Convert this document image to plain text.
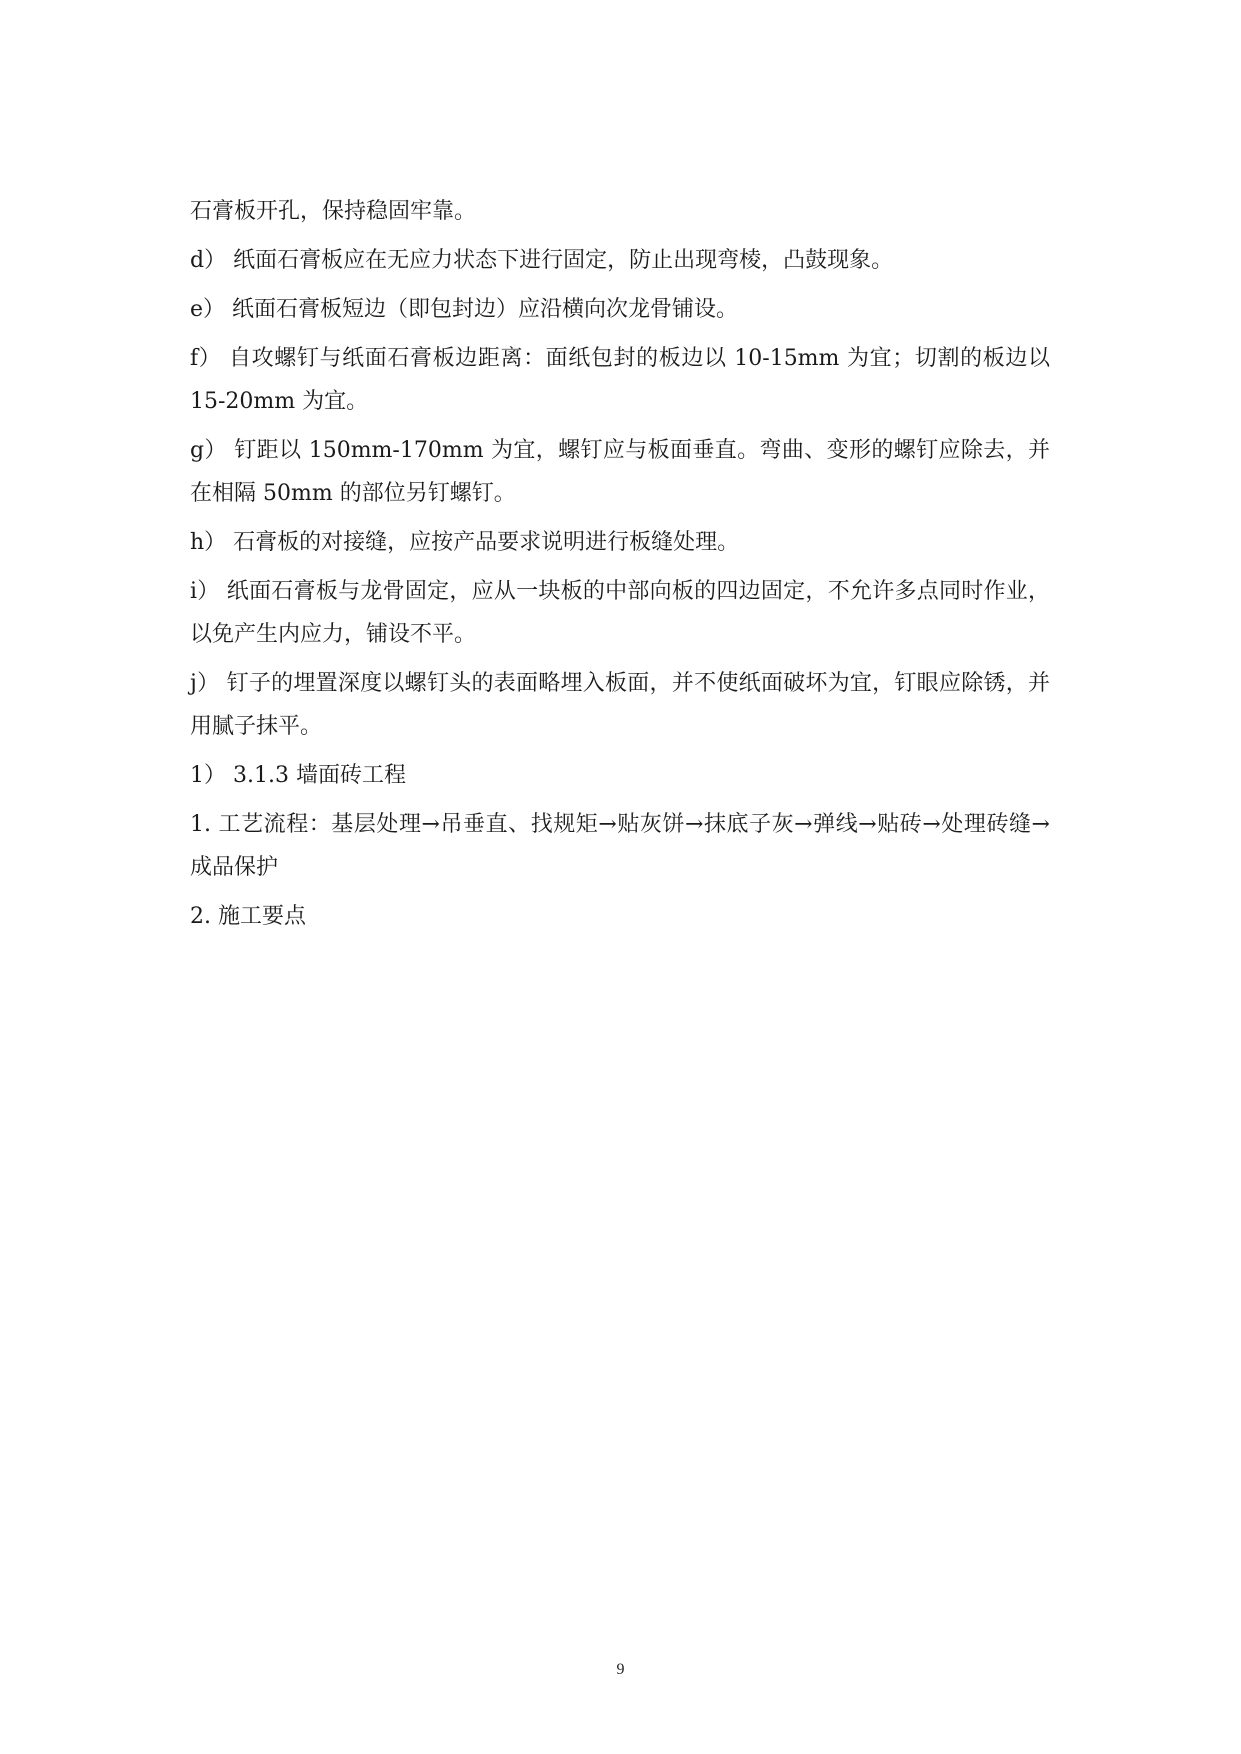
石膏板开孔，保持稳固牢靠。

d） 纸面石膏板应在无应力状态下进行固定，防止出现弯棱，凸鼓现象。

e） 纸面石膏板短边（即包封边）应沿横向次龙骨铺设。

f） 自攻螺钉与纸面石膏板边距离：面纸包封的板边以 10-15mm 为宜；切割的板边以 15-20mm 为宜。

g） 钉距以 150mm-170mm 为宜，螺钉应与板面垂直。弯曲、变形的螺钉应除去，并在相隔 50mm 的部位另钉螺钉。

h） 石膏板的对接缝，应按产品要求说明进行板缝处理。

i） 纸面石膏板与龙骨固定，应从一块板的中部向板的四边固定，不允许多点同时作业，以免产生内应力，铺设不平。

j） 钉子的埋置深度以螺钉头的表面略埋入板面，并不使纸面破坏为宜，钉眼应除锈，并用腻子抹平。

1） 3.1.3 墙面砖工程

1. 工艺流程：基层处理→吊垂直、找规矩→贴灰饼→抹底子灰→弹线→贴砖→处理砖缝→成品保护

2. 施工要点

9
